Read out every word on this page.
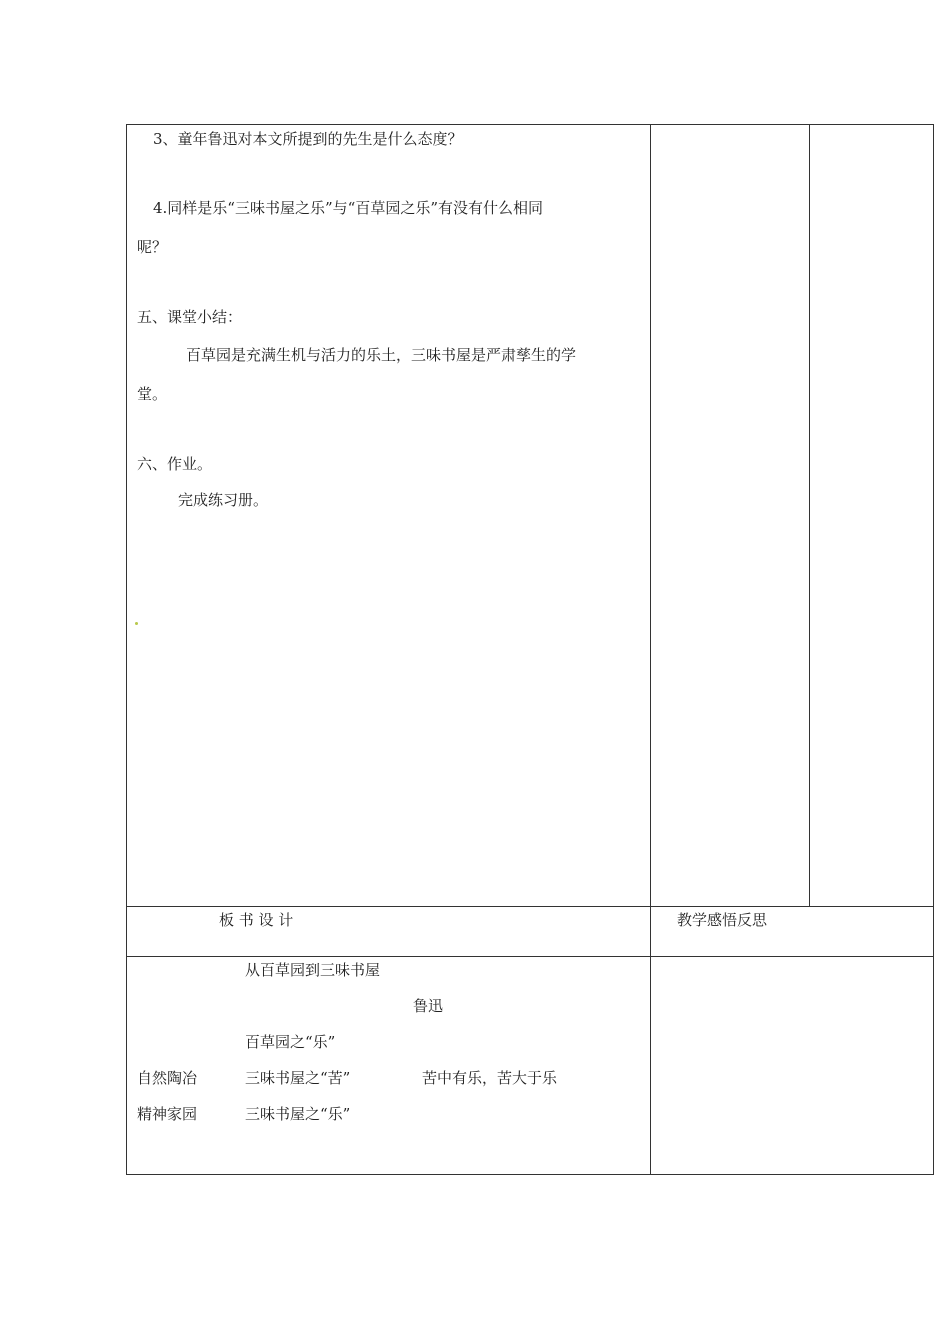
3、童年鲁迅对本文所提到的先生是什么态度？
4.同样是乐“三味书屋之乐”与“百草园之乐”有没有什么相同
呢？
五、课堂小结：
百草园是充满生机与活力的乐土，三味书屋是严肃孳生的学
堂。
六、作业。
完成练习册。
板 书 设 计	教学感悟反思
从百草园到三味书屋
鲁迅
百草园之“乐”
自然陶冶	三味书屋之“苦”	苦中有乐，苦大于乐
精神家园	三味书屋之“乐”
